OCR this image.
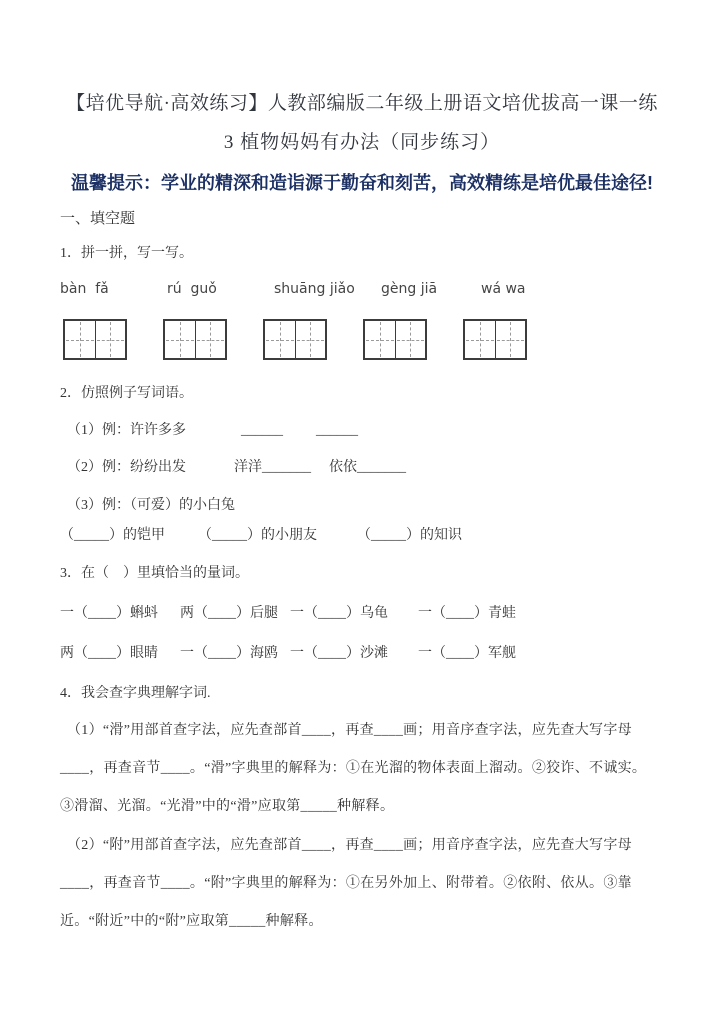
【培优导航·高效练习】人教部编版二年级上册语文培优拔高一课一练
3 植物妈妈有办法（同步练习）
温馨提示：学业的精深和造诣源于勤奋和刻苦，高效精练是培优最佳途径!
一、填空题
1．拼一拼，写一写。
bàn  fǎ	rú  guǒ	shuāng jiǎo	gèng jiā	wá wa
2．仿照例子写词语。
（1）例：许许多多	______ ______
（2）例：纷纷出发	洋洋_______ 依依_______
（3）例：（可爱）的小白兔
（_____）的铠甲 （_____）的小朋友	（_____）的知识
3．在（　）里填恰当的量词。
一（____）蝌蚪 两（____）后腿 一（____）乌龟 一（____）青蛙
两（____）眼睛 一（____）海鸥 一（____）沙滩 一（____）军舰
4．我会查字典理解字词.
（1）“滑”用部首查字法，应先查部首____，再查____画；用音序查字法，应先查大写字母
____，再查音节____。“滑”字典里的解释为：①在光溜的物体表面上溜动。②狡诈、不诚实。
③滑溜、光溜。“光滑”中的“滑”应取第_____种解释。
（2）“附”用部首查字法，应先查部首____，再查____画；用音序查字法，应先查大写字母
____，再查音节____。“附”字典里的解释为：①在另外加上、附带着。②依附、依从。③靠
近。“附近”中的“附”应取第_____种解释。
